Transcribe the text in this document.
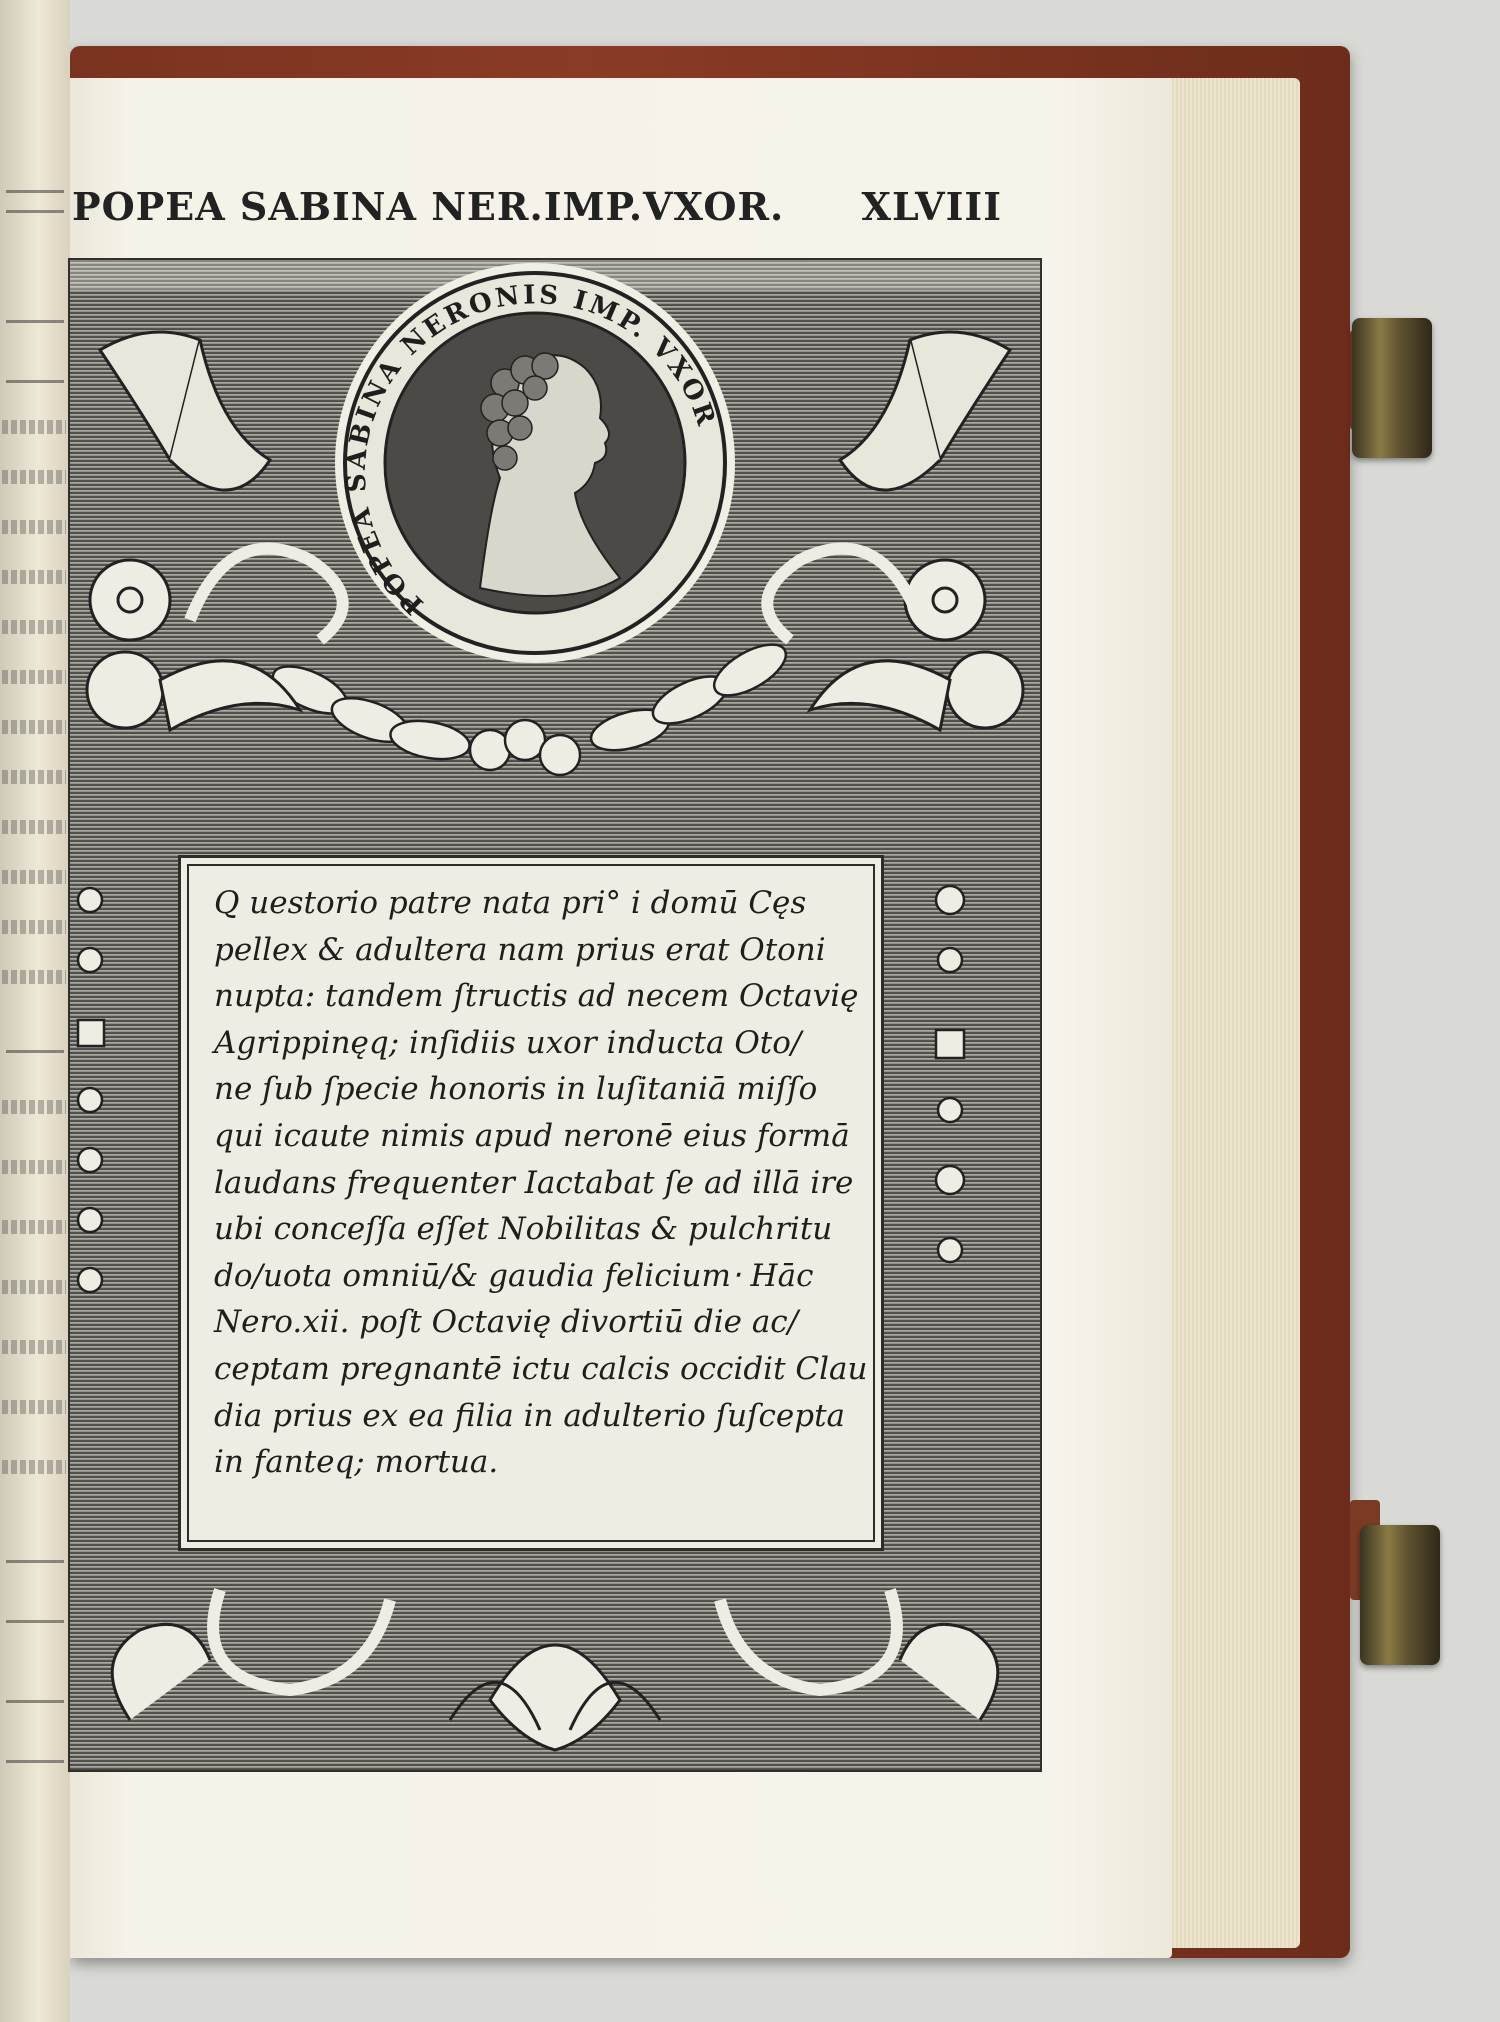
POPEA SABINA NER.IMP.VXOR. XLVIII
POPEA SABINA NERONIS IMP. VXOR
Q uestorio patre nata pri° i domū Cęs
pellex & adultera nam prius erat Otoni
nupta: tandem ſtructis ad necem Octavię
Agrippinęq; inſidiis uxor inducta Oto/
ne ſub ſpecie honoris in luſitaniā miſſo
qui icaute nimis apud neronē eius formā
laudans frequenter Iactabat ſe ad illā ire
ubi conceſſa eſſet Nobilitas & pulchritu
do/uota omniū/& gaudia felicium‧ Hāc
Nero.xii. poſt Octavię divortiū die ac/
ceptam pregnantē ictu calcis occidit Clau
dia prius ex ea filia in adulterio ſuſcepta
in fanteq; mortua.
